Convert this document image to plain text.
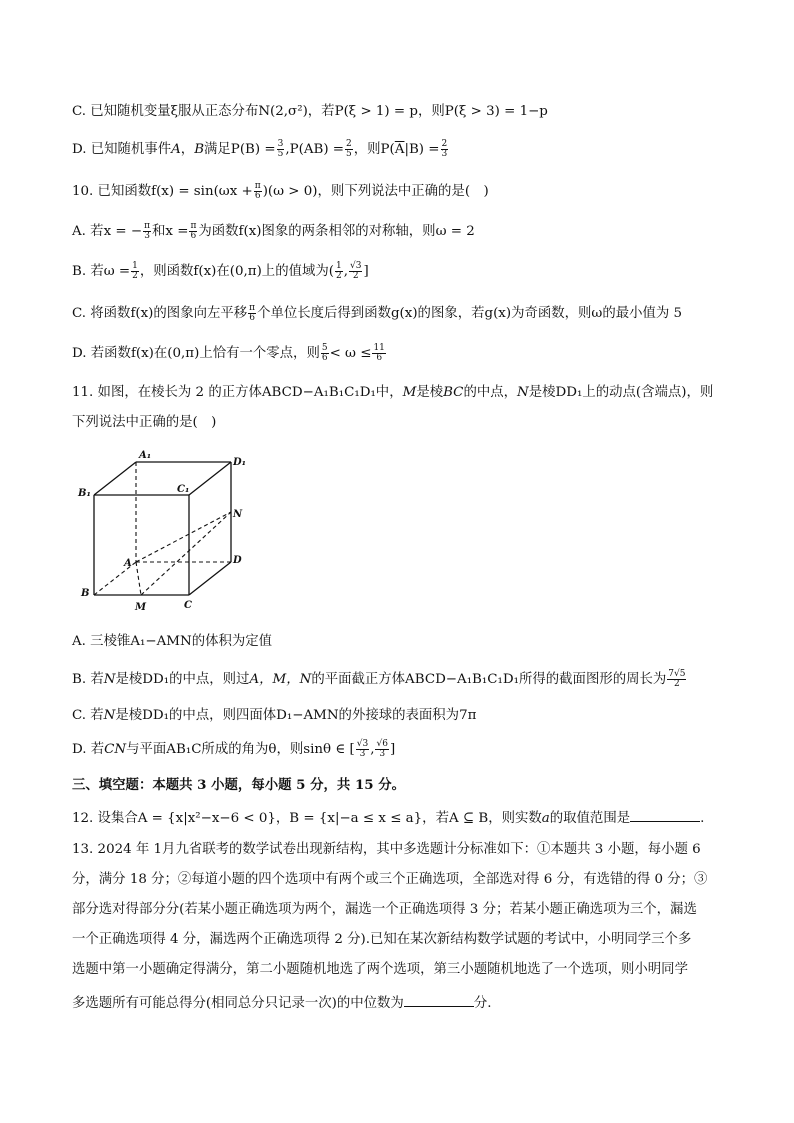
C. 已知随机变量ξ服从正态分布N(2,σ²)，若P(ξ > 1) = p，则P(ξ > 3) = 1−p
D. 已知随机事件A，B满足$P(B) = \frac{3}{5} ,P(AB) = \frac{2}{5}$ ，则$P(\overline{A}|B) = \frac{2}{3}$
10. 已知函数$f(x) = \sin(\omega x + \frac{\pi}{6} )(\omega > 0)$，则下列说法中正确的是(　)
A. 若x = − $\frac{\pi}{3}$ 和$x = \frac{\pi}{6}$ 为函数f(x)图象的两条相邻的对称轴，则ω = 2
B. 若$\omega = \frac{1}{2}$ ，则函数f(x)在(0,π)上的值域为( $\frac{1}{2}$ , $\frac{√3}{2}$ ]
C. 将函数f(x)的图象向左平移 $\frac{\pi}{6}$ 个单位长度后得到函数g(x)的图象，若g(x)为奇函数，则ω的最小值为 5
D. 若函数f(x)在(0,π)上恰有一个零点，则 $\frac{5}{6} < \omega \le \frac{11}{6}$
11. 如图，在棱长为 2 的正方体ABCD−A₁B₁C₁D₁中，M是棱BC的中点，N是棱DD₁上的动点(含端点)，则
下列说法中正确的是(　)
A₁
D₁
B₁	C₁
N
A	D
B
M	C
A. 三棱锥A₁−AMN的体积为定值
B. 若N是棱DD₁的中点，则过A，M，N的平面截正方体ABCD−A₁B₁C₁D₁所得的截面图形的周长为 $\frac{7√5}{2}$
C. 若N是棱DD₁的中点，则四面体D₁−AMN的外接球的表面积为7π
D. 若CN与平面AB₁C所成的角为θ，则sinθ ∈ [ $\frac{√3}{3}$ , $\frac{√6}{3}$ ]
三、填空题：本题共 3 小题，每小题 5 分，共 15 分。
12. 设集合A = {x|x²−x−6 < 0}，B = {x|−a ≤ x ≤ a}，若A ⊆ B，则实数a的取值范围是	.
13. 2024 年 1月九省联考的数学试卷出现新结构，其中多选题计分标准如下：①本题共 3 小题，每小题 6
分，满分 18 分；②每道小题的四个选项中有两个或三个正确选项，全部选对得 6 分，有选错的得 0 分；③
部分选对得部分分(若某小题正确选项为两个，漏选一个正确选项得 3 分；若某小题正确选项为三个，漏选
一个正确选项得 4 分，漏选两个正确选项得 2 分).已知在某次新结构数学试题的考试中，小明同学三个多
选题中第一小题确定得满分，第二小题随机地选了两个选项，第三小题随机地选了一个选项，则小明同学
多选题所有可能总得分(相同总分只记录一次)的中位数为	分.
